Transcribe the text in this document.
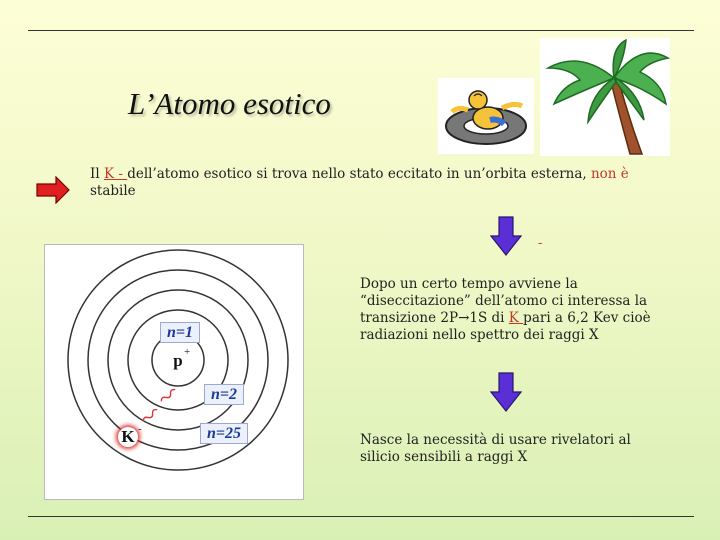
L’Atomo esotico
Il K - dell’atomo esotico si trova nello stato eccitato in un’orbita esterna, non è
stabile
-
p +
K -
n=1
n=2
n=25
Dopo un certo tempo avviene la “diseccitazione” dell’atomo ci interessa la transizione 2P→1S di K pari a 6,2 Kev cioè radiazioni nello spettro dei raggi X
Nasce la necessità di usare rivelatori al silicio sensibili a raggi X
